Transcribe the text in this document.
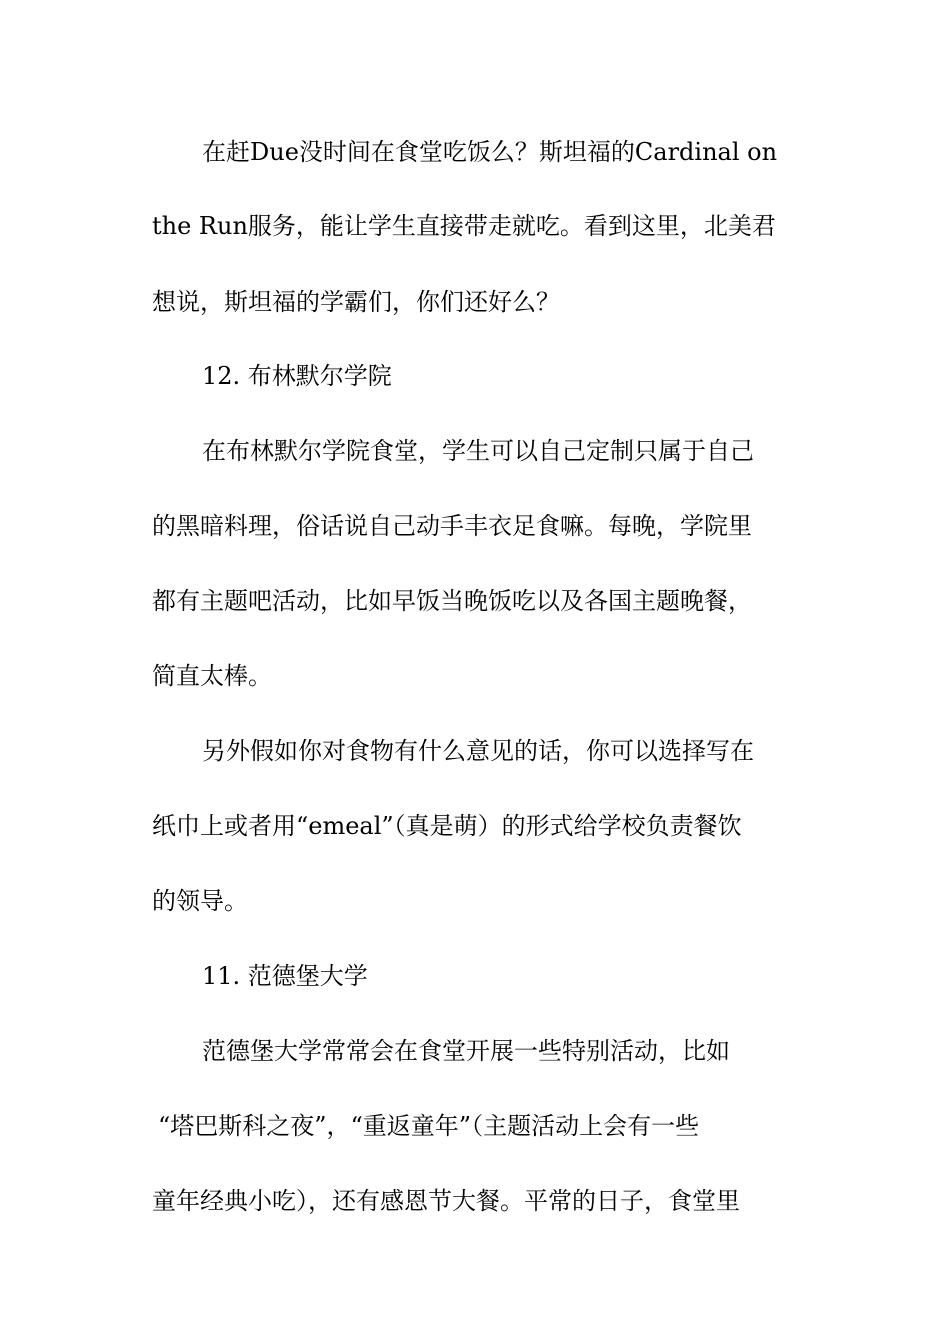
在赶Due没时间在食堂吃饭么？斯坦福的Cardinal on
the Run服务，能让学生直接带走就吃。看到这里，北美君
想说，斯坦福的学霸们，你们还好么？
12. 布林默尔学院
在布林默尔学院食堂，学生可以自己定制只属于自己
的黑暗料理，俗话说自己动手丰衣足食嘛。每晚，学院里
都有主题吧活动，比如早饭当晚饭吃以及各国主题晚餐，
简直太棒。
另外假如你对食物有什么意见的话，你可以选择写在
纸巾上或者用“emeal”（真是萌）的形式给学校负责餐饮
的领导。
11. 范德堡大学
范德堡大学常常会在食堂开展一些特别活动，比如
“塔巴斯科之夜”，“重返童年”（主题活动上会有一些
童年经典小吃），还有感恩节大餐。平常的日子，食堂里
